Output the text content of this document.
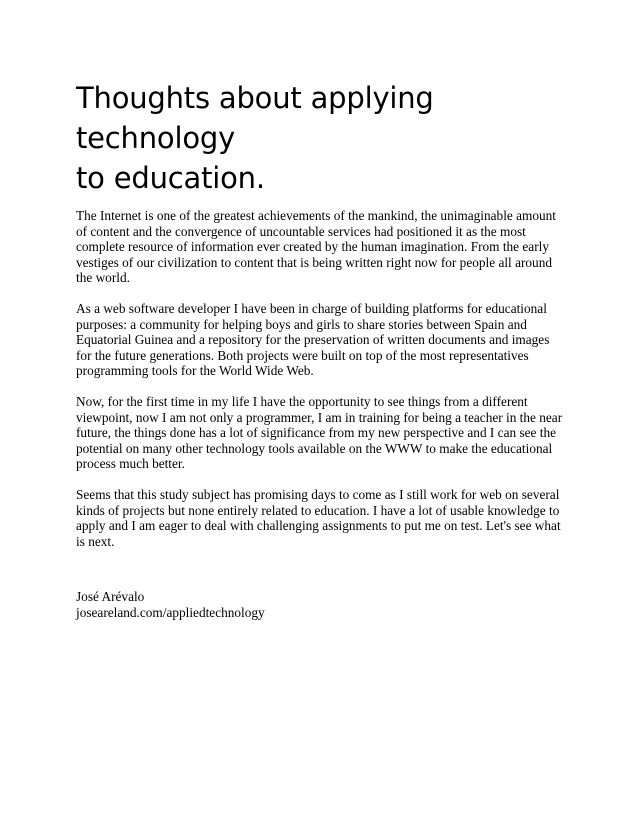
Thoughts about applying technology
to education.

The Internet is one of the greatest achievements of the mankind, the unimaginable amount of content and the convergence of uncountable services had positioned it as the most complete resource of information ever created by the human imagination. From the early vestiges of our civilization to content that is being written right now for people all around the world.

As a web software developer I have been in charge of building platforms for educational purposes: a community for helping boys and girls to share stories between Spain and Equatorial Guinea and a repository for the preservation of written documents and images for the future generations. Both projects were built on top of the most representatives programming tools for the World Wide Web.

Now, for the first time in my life I have the opportunity to see things from a different viewpoint, now I am not only a programmer, I am in training for being a teacher in the near future, the things done has a lot of significance from my new perspective and I can see the potential on many other technology tools available on the WWW to make the educational process much better.

Seems that this study subject has promising days to come as I still work for web on several kinds of projects but none entirely related to education. I have a lot of usable knowledge to apply and I am eager to deal with challenging assignments to put me on test. Let's see what is next.

José Arévalo
joseareland.com/appliedtechnology
